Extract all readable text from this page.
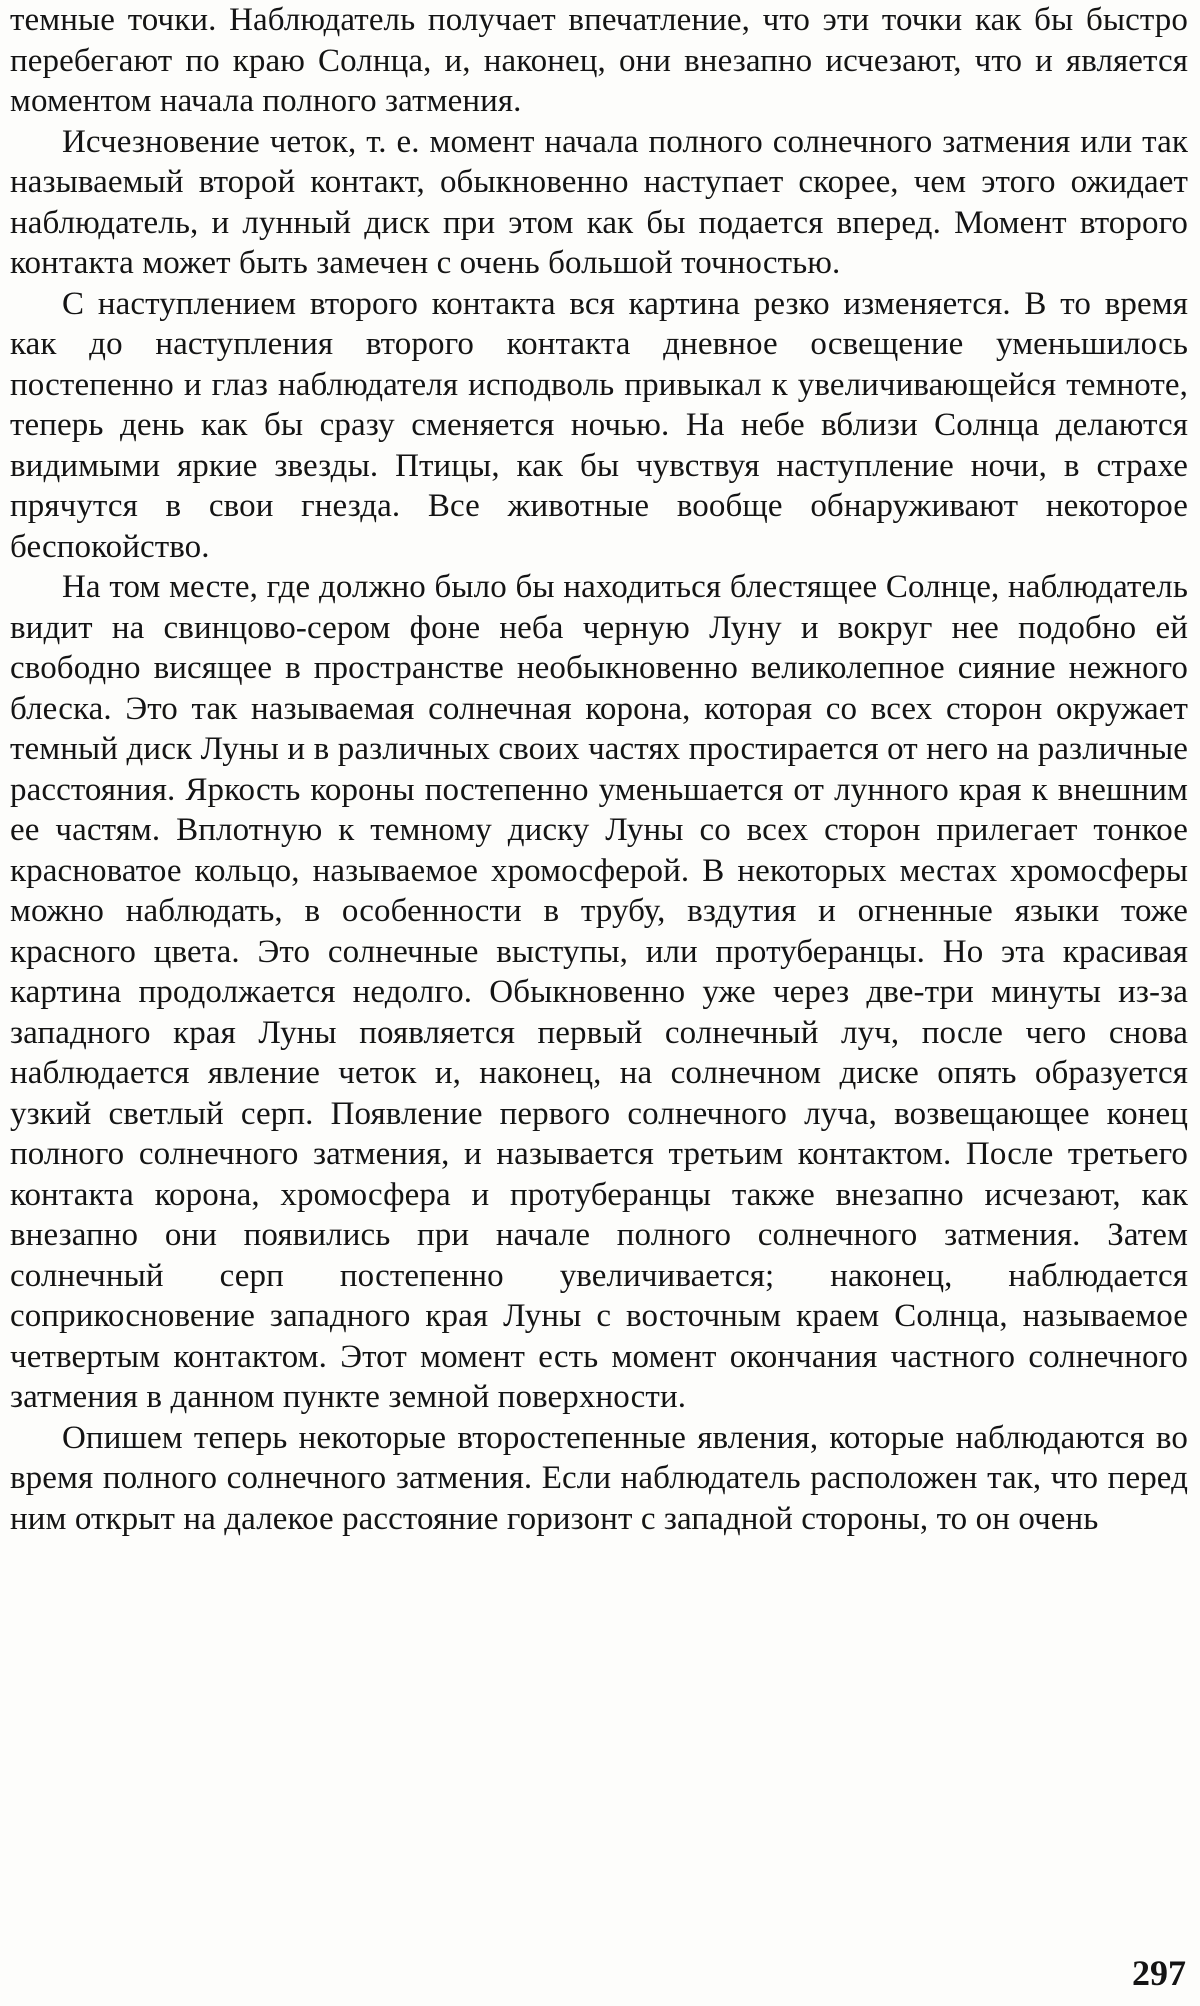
темные точки. Наблюдатель получает впечатление, что эти точки как бы быстро перебегают по краю Солнца, и, наконец, они внезапно исчезают, что и является моментом начала полного затмения.

Исчезновение четок, т. е. момент начала полного солнечного затмения или так называемый второй контакт, обыкновенно наступает скорее, чем этого ожидает наблюдатель, и лунный диск при этом как бы подается вперед. Момент второго контакта может быть замечен с очень большой точностью.

С наступлением второго контакта вся картина резко изменяется. В то время как до наступления второго контакта дневное освещение уменьшилось постепенно и глаз наблюдателя исподволь привыкал к увеличивающейся темноте, теперь день как бы сразу сменяется ночью. На небе вблизи Солнца делаются видимыми яркие звезды. Птицы, как бы чувствуя наступление ночи, в страхе прячутся в свои гнезда. Все животные вообще обнаруживают некоторое беспокойство.

На том месте, где должно было бы находиться блестящее Солнце, наблюдатель видит на свинцово-сером фоне неба черную Луну и вокруг нее подобно ей свободно висящее в пространстве необыкновенно великолепное сияние нежного блеска. Это так называемая солнечная корона, которая со всех сторон окружает темный диск Луны и в различных своих частях простирается от него на различные расстояния. Яркость короны постепенно уменьшается от лунного края к внешним ее частям. Вплотную к темному диску Луны со всех сторон прилегает тонкое красноватое кольцо, называемое хромосферой. В некоторых местах хромосферы можно наблюдать, в особенности в трубу, вздутия и огненные языки тоже красного цвета. Это солнечные выступы, или протуберанцы. Но эта красивая картина продолжается недолго. Обыкновенно уже через две-три минуты из-за западного края Луны появляется первый солнечный луч, после чего снова наблюдается явление четок и, наконец, на солнечном диске опять образуется узкий светлый серп. Появление первого солнечного луча, возвещающее конец полного солнечного затмения, и называется третьим контактом. После третьего контакта корона, хромосфера и протуберанцы также внезапно исчезают, как внезапно они появились при начале полного солнечного затмения. Затем солнечный серп постепенно увеличивается; наконец, наблюдается соприкосновение западного края Луны с восточным краем Солнца, называемое четвертым контактом. Этот момент есть момент окончания частного солнечного затмения в данном пункте земной поверхности.

Опишем теперь некоторые второстепенные явления, которые наблюдаются во время полного солнечного затмения. Если наблюдатель расположен так, что перед ним открыт на далекое расстояние горизонт с западной стороны, то он очень

297
